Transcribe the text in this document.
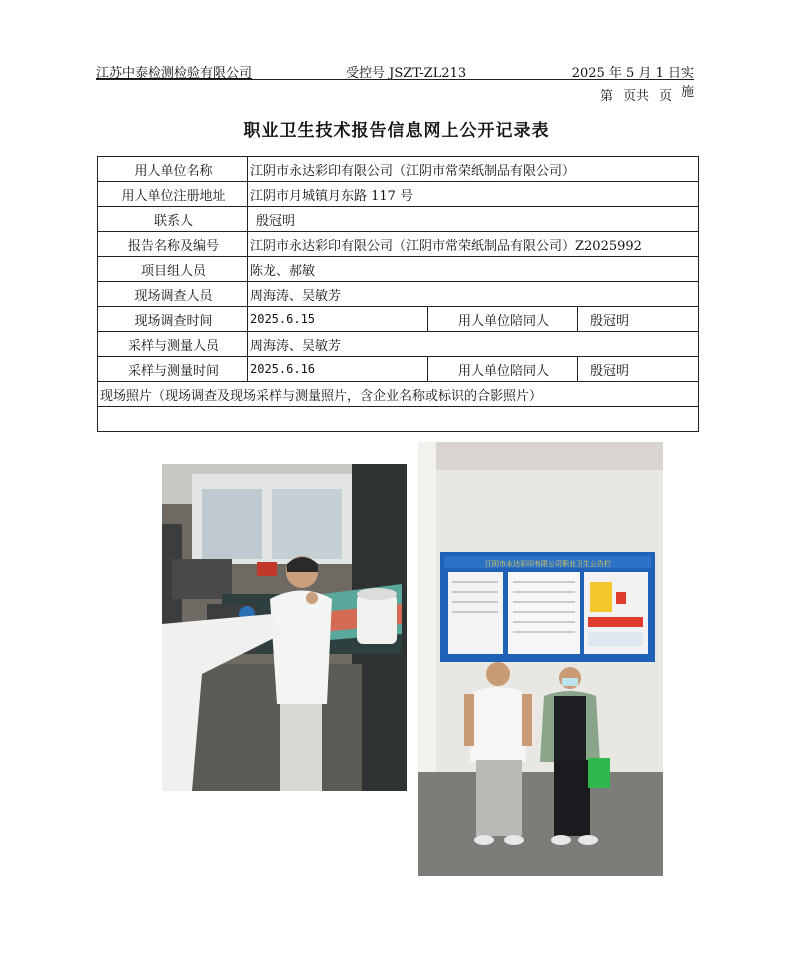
江苏中泰检测检验有限公司	受控号 JSZT-ZL213	2025 年 5 月 1 日实施
第 页共 页
职业卫生技术报告信息网上公开记录表
用人单位名称	江阴市永达彩印有限公司（江阴市常荣纸制品有限公司）		
用人单位注册地址	江阴市月城镇月东路 117 号		
联系人	殷冠明		
报告名称及编号	江阴市永达彩印有限公司（江阴市常荣纸制品有限公司）Z2025992		
项目组人员	陈龙、郝敏		
现场调查人员	周海涛、吴敏芳		
现场调查时间	2025.6.15	用人单位陪同人	殷冠明
采样与测量人员	周海涛、吴敏芳		
采样与测量时间	2025.6.16	用人单位陪同人	殷冠明
现场照片（现场调查及现场采样与测量照片，含企业名称或标识的合影照片）			

江阴市永达彩印有限公司职业卫生公告栏			
